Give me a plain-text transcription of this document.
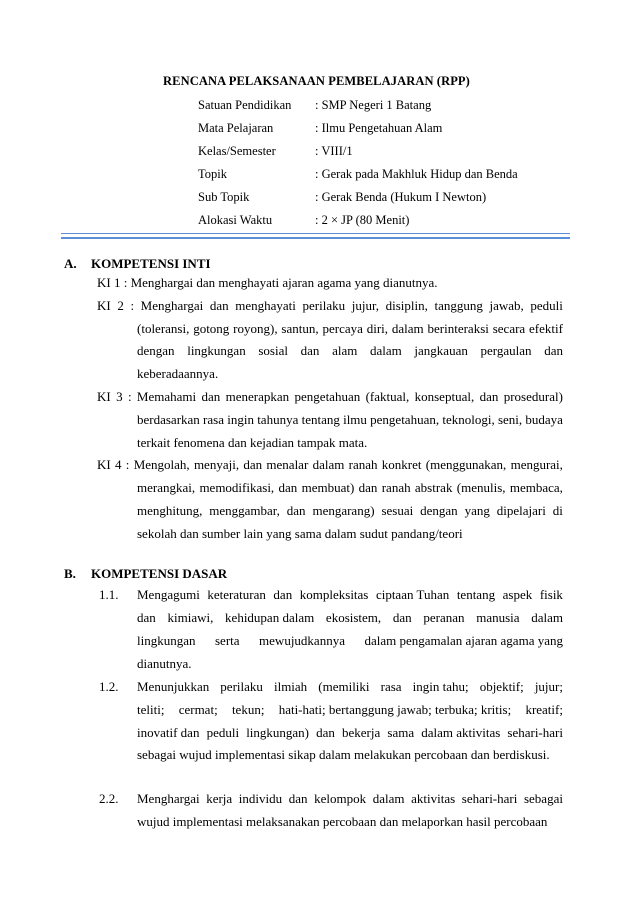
RENCANA PELAKSANAAN PEMBELAJARAN (RPP)
Satuan Pendidikan : SMP Negeri 1 Batang
Mata Pelajaran	: Ilmu Pengetahuan Alam
Kelas/Semester	: VIII/1
Topik	: Gerak pada Makhluk Hidup dan Benda
Sub Topik	: Gerak Benda (Hukum I Newton)
Alokasi Waktu	: 2 × JP (80 Menit)
A. KOMPETENSI INTI
KI 1 : Menghargai dan menghayati ajaran agama yang dianutnya.
KI 2 : Menghargai dan menghayati perilaku jujur, disiplin, tanggung jawab, peduli
(toleransi, gotong royong), santun, percaya diri, dalam berinteraksi secara efektif
dengan lingkungan sosial dan alam dalam jangkauan pergaulan dan
keberadaannya.
KI 3 : Memahami dan menerapkan pengetahuan (faktual, konseptual, dan prosedural)
berdasarkan rasa ingin tahunya tentang ilmu pengetahuan, teknologi, seni, budaya
terkait fenomena dan kejadian tampak mata.
KI 4 : Mengolah, menyaji, dan menalar dalam ranah konkret (menggunakan, mengurai,
merangkai, memodifikasi, dan membuat) dan ranah abstrak (menulis, membaca,
menghitung, menggambar, dan mengarang) sesuai dengan yang dipelajari di
sekolah dan sumber lain yang sama dalam sudut pandang/teori
B. KOMPETENSI DASAR
1.1. Mengagumi keteraturan dan kompleksitas ciptaan Tuhan tentang aspek fisik
dan kimiawi, kehidupan dalam ekosistem, dan peranan manusia dalam
lingkungan serta mewujudkannya dalam pengamalan ajaran agama yang
dianutnya.
1.2. Menunjukkan perilaku ilmiah (memiliki rasa ingin tahu; objektif; jujur;
teliti; cermat; tekun; hati-hati; bertanggung jawab; terbuka; kritis; kreatif;
inovatif dan peduli lingkungan) dan bekerja sama dalam aktivitas sehari-hari
sebagai wujud implementasi sikap dalam melakukan percobaan dan berdiskusi.
2.2. Menghargai kerja individu dan kelompok dalam aktivitas sehari-hari sebagai
wujud implementasi melaksanakan percobaan dan melaporkan hasil percobaan
